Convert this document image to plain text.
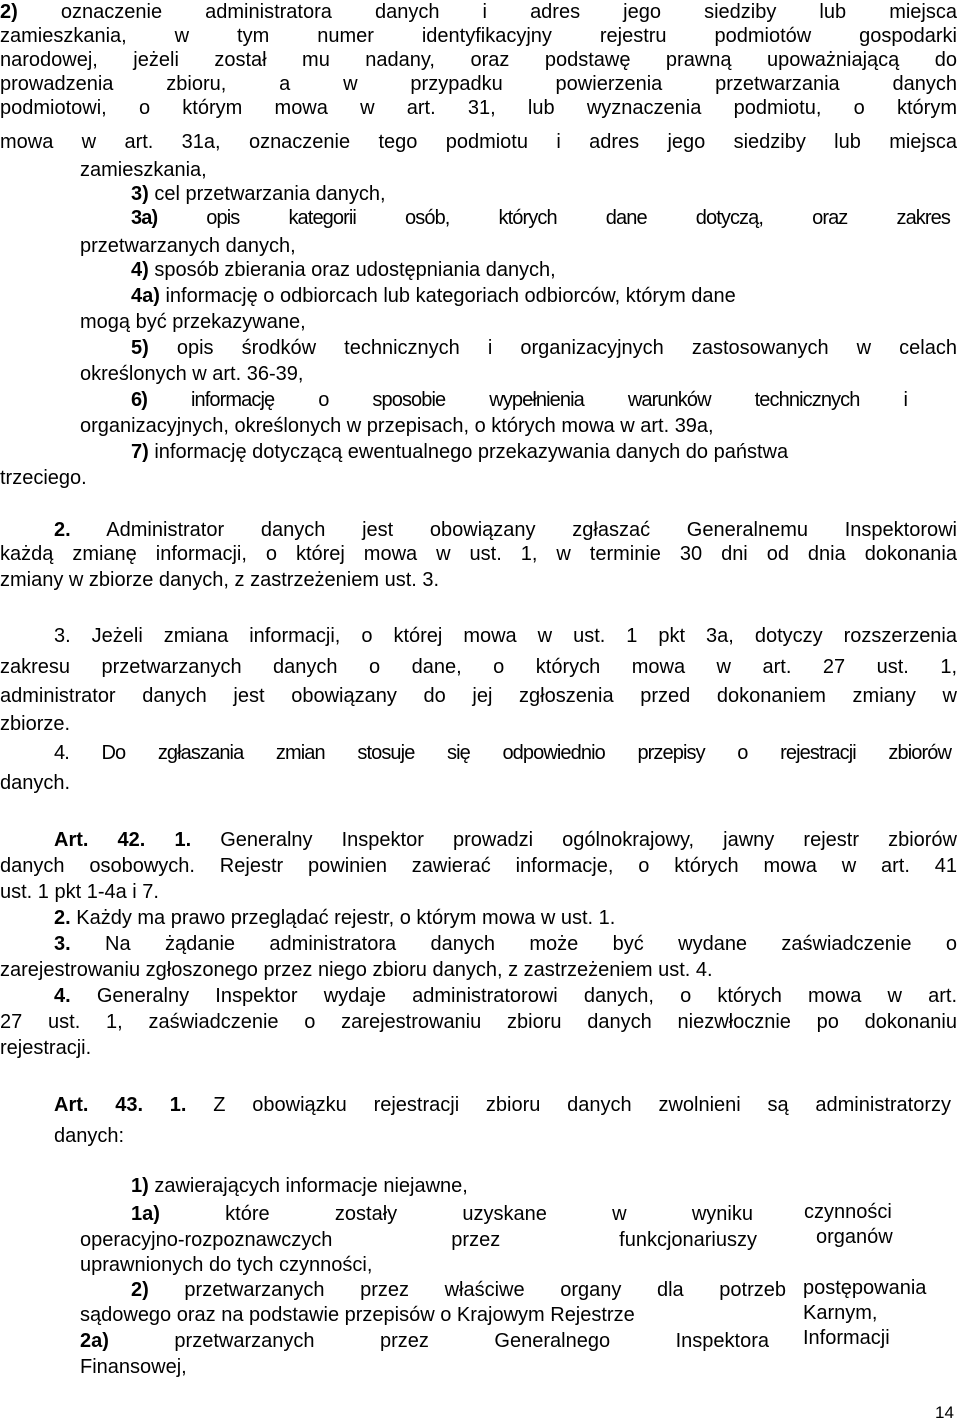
2) oznaczenie administratora danych i adres jego siedziby lub miejsca
zamieszkania, w tym numer identyfikacyjny rejestru podmiotów gospodarki
narodowej, jeżeli został mu nadany, oraz podstawę prawną upoważniającą do
prowadzenia zbioru, a w przypadku powierzenia przetwarzania danych
podmiotowi, o którym mowa w art. 31, lub wyznaczenia podmiotu, o którym
mowa w art. 31a, oznaczenie tego podmiotu i adres jego siedziby lub miejsca
zamieszkania,
3) cel przetwarzania danych,
3a) opis kategorii osób, których dane dotyczą, oraz zakres
przetwarzanych danych,
4) sposób zbierania oraz udostępniania danych,
4a) informację o odbiorcach lub kategoriach odbiorców, którym dane
mogą być przekazywane,
5) opis środków technicznych i organizacyjnych zastosowanych w celach
określonych w art. 36-39,
6) informację o sposobie wypełnienia warunków technicznych i
organizacyjnych, określonych w przepisach, o których mowa w art. 39a,
7) informację dotyczącą ewentualnego przekazywania danych do państwa
trzeciego.
2. Administrator danych jest obowiązany zgłaszać Generalnemu Inspektorowi
każdą zmianę informacji, o której mowa w ust. 1, w terminie 30 dni od dnia dokonania
zmiany w zbiorze danych, z zastrzeżeniem ust. 3.
3. Jeżeli zmiana informacji, o której mowa w ust. 1 pkt 3a, dotyczy rozszerzenia
zakresu przetwarzanych danych o dane, o których mowa w art. 27 ust. 1,
administrator danych jest obowiązany do jej zgłoszenia przed dokonaniem zmiany w
zbiorze.
4. Do zgłaszania zmian stosuje się odpowiednio przepisy o rejestracji zbiorów
danych.
Art. 42. 1. Generalny Inspektor prowadzi ogólnokrajowy, jawny rejestr zbiorów
danych osobowych. Rejestr powinien zawierać informacje, o których mowa w art. 41
ust. 1 pkt 1-4a i 7.
2. Każdy ma prawo przeglądać rejestr, o którym mowa w ust. 1.
3. Na żądanie administratora danych może być wydane zaświadczenie o
zarejestrowaniu zgłoszonego przez niego zbioru danych, z zastrzeżeniem ust. 4.
4. Generalny Inspektor wydaje administratorowi danych, o których mowa w art.
27 ust. 1, zaświadczenie o zarejestrowaniu zbioru danych niezwłocznie po dokonaniu
rejestracji.
Art. 43. 1. Z obowiązku rejestracji zbioru danych zwolnieni są administratorzy
danych:
1) zawierających informacje niejawne,
1a) które zostały uzyskane w wyniku
operacyjno-rozpoznawczych przez funkcjonariuszy
uprawnionych do tych czynności,
2) przetwarzanych przez właściwe organy dla potrzeb
sądowego oraz na podstawie przepisów o Krajowym Rejestrze
2a) przetwarzanych przez Generalnego Inspektora
Finansowej,
czynności
organów
postępowania
Karnym,
Informacji
14
